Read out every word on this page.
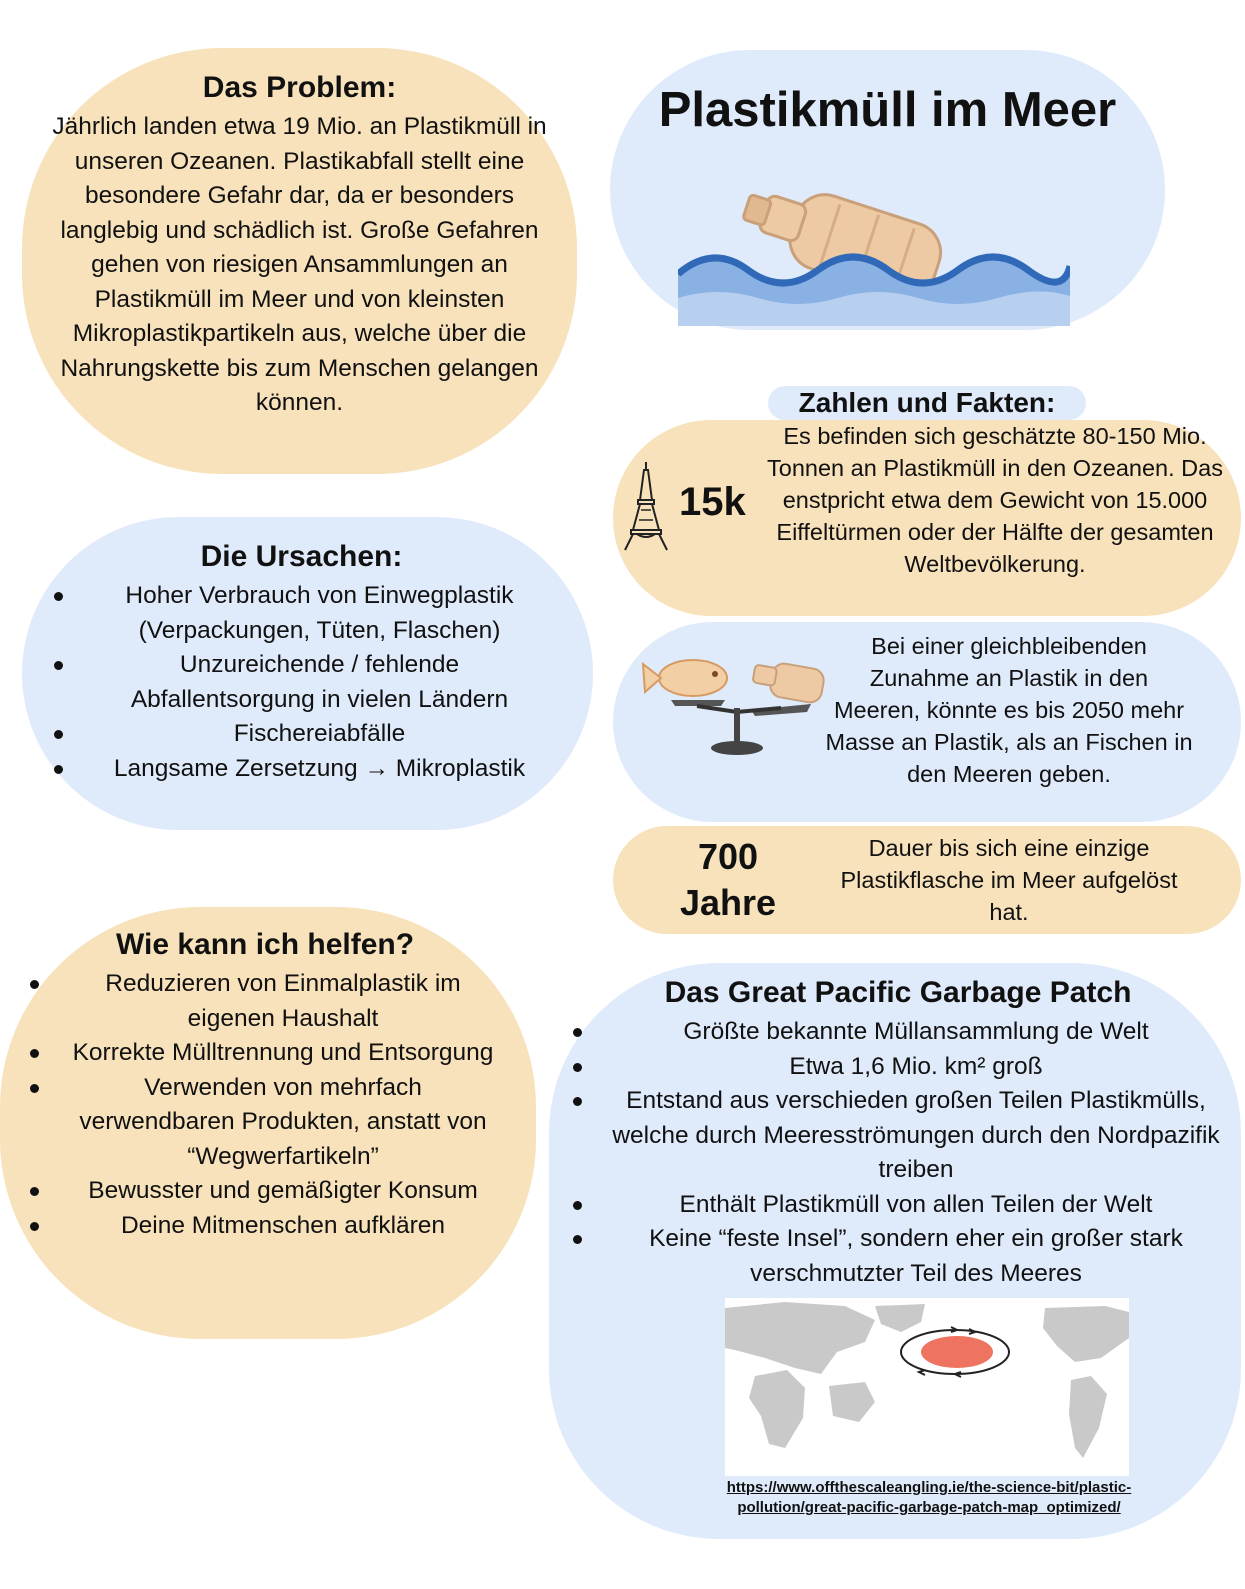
Das Problem:
Jährlich landen etwa 19 Mio. an Plastikmüll in unseren Ozeanen. Plastikabfall stellt eine besondere Gefahr dar, da er besonders langlebig und schädlich ist. Große Gefahren gehen von riesigen Ansammlungen an Plastikmüll im Meer und von kleinsten Mikroplastikpartikeln aus, welche über die Nahrungskette bis zum Menschen gelangen können.
Plastikmüll im Meer
Die Ursachen:
Hoher Verbrauch von Einwegplastik (Verpackungen, Tüten, Flaschen)
Unzureichende / fehlende Abfallentsorgung in vielen Ländern
Fischereiabfälle
Langsame Zersetzung → Mikroplastik
Zahlen und Fakten:
15k
Es befinden sich geschätzte 80-150 Mio. Tonnen an Plastikmüll in den Ozeanen. Das enstpricht etwa dem Gewicht von 15.000 Eiffeltürmen oder der Hälfte der gesamten Weltbevölkerung.
Bei einer gleichbleibenden Zunahme an Plastik in den Meeren, könnte es bis 2050 mehr Masse an Plastik, als an Fischen in den Meeren geben.
700 Jahre
Dauer bis sich eine einzige Plastikflasche im Meer aufgelöst hat.
Wie kann ich helfen?
Reduzieren von Einmalplastik im eigenen Haushalt
Korrekte Mülltrennung und Entsorgung
Verwenden von mehrfach verwendbaren Produkten, anstatt von “Wegwerfartikeln”
Bewusster und gemäßigter Konsum
Deine Mitmenschen aufklären
Das Great Pacific Garbage Patch
Größte bekannte Müllansammlung de Welt
Etwa 1,6 Mio. km² groß
Entstand aus verschieden großen Teilen Plastikmülls, welche durch Meeresströmungen durch den Nordpazifik treiben
Enthält Plastikmüll von allen Teilen der Welt
Keine “feste Insel”, sondern eher ein großer stark verschmutzter Teil des Meeres
https://www.offthescaleangling.ie/the-science-bit/plastic-pollution/great-pacific-garbage-patch-map_optimized/
